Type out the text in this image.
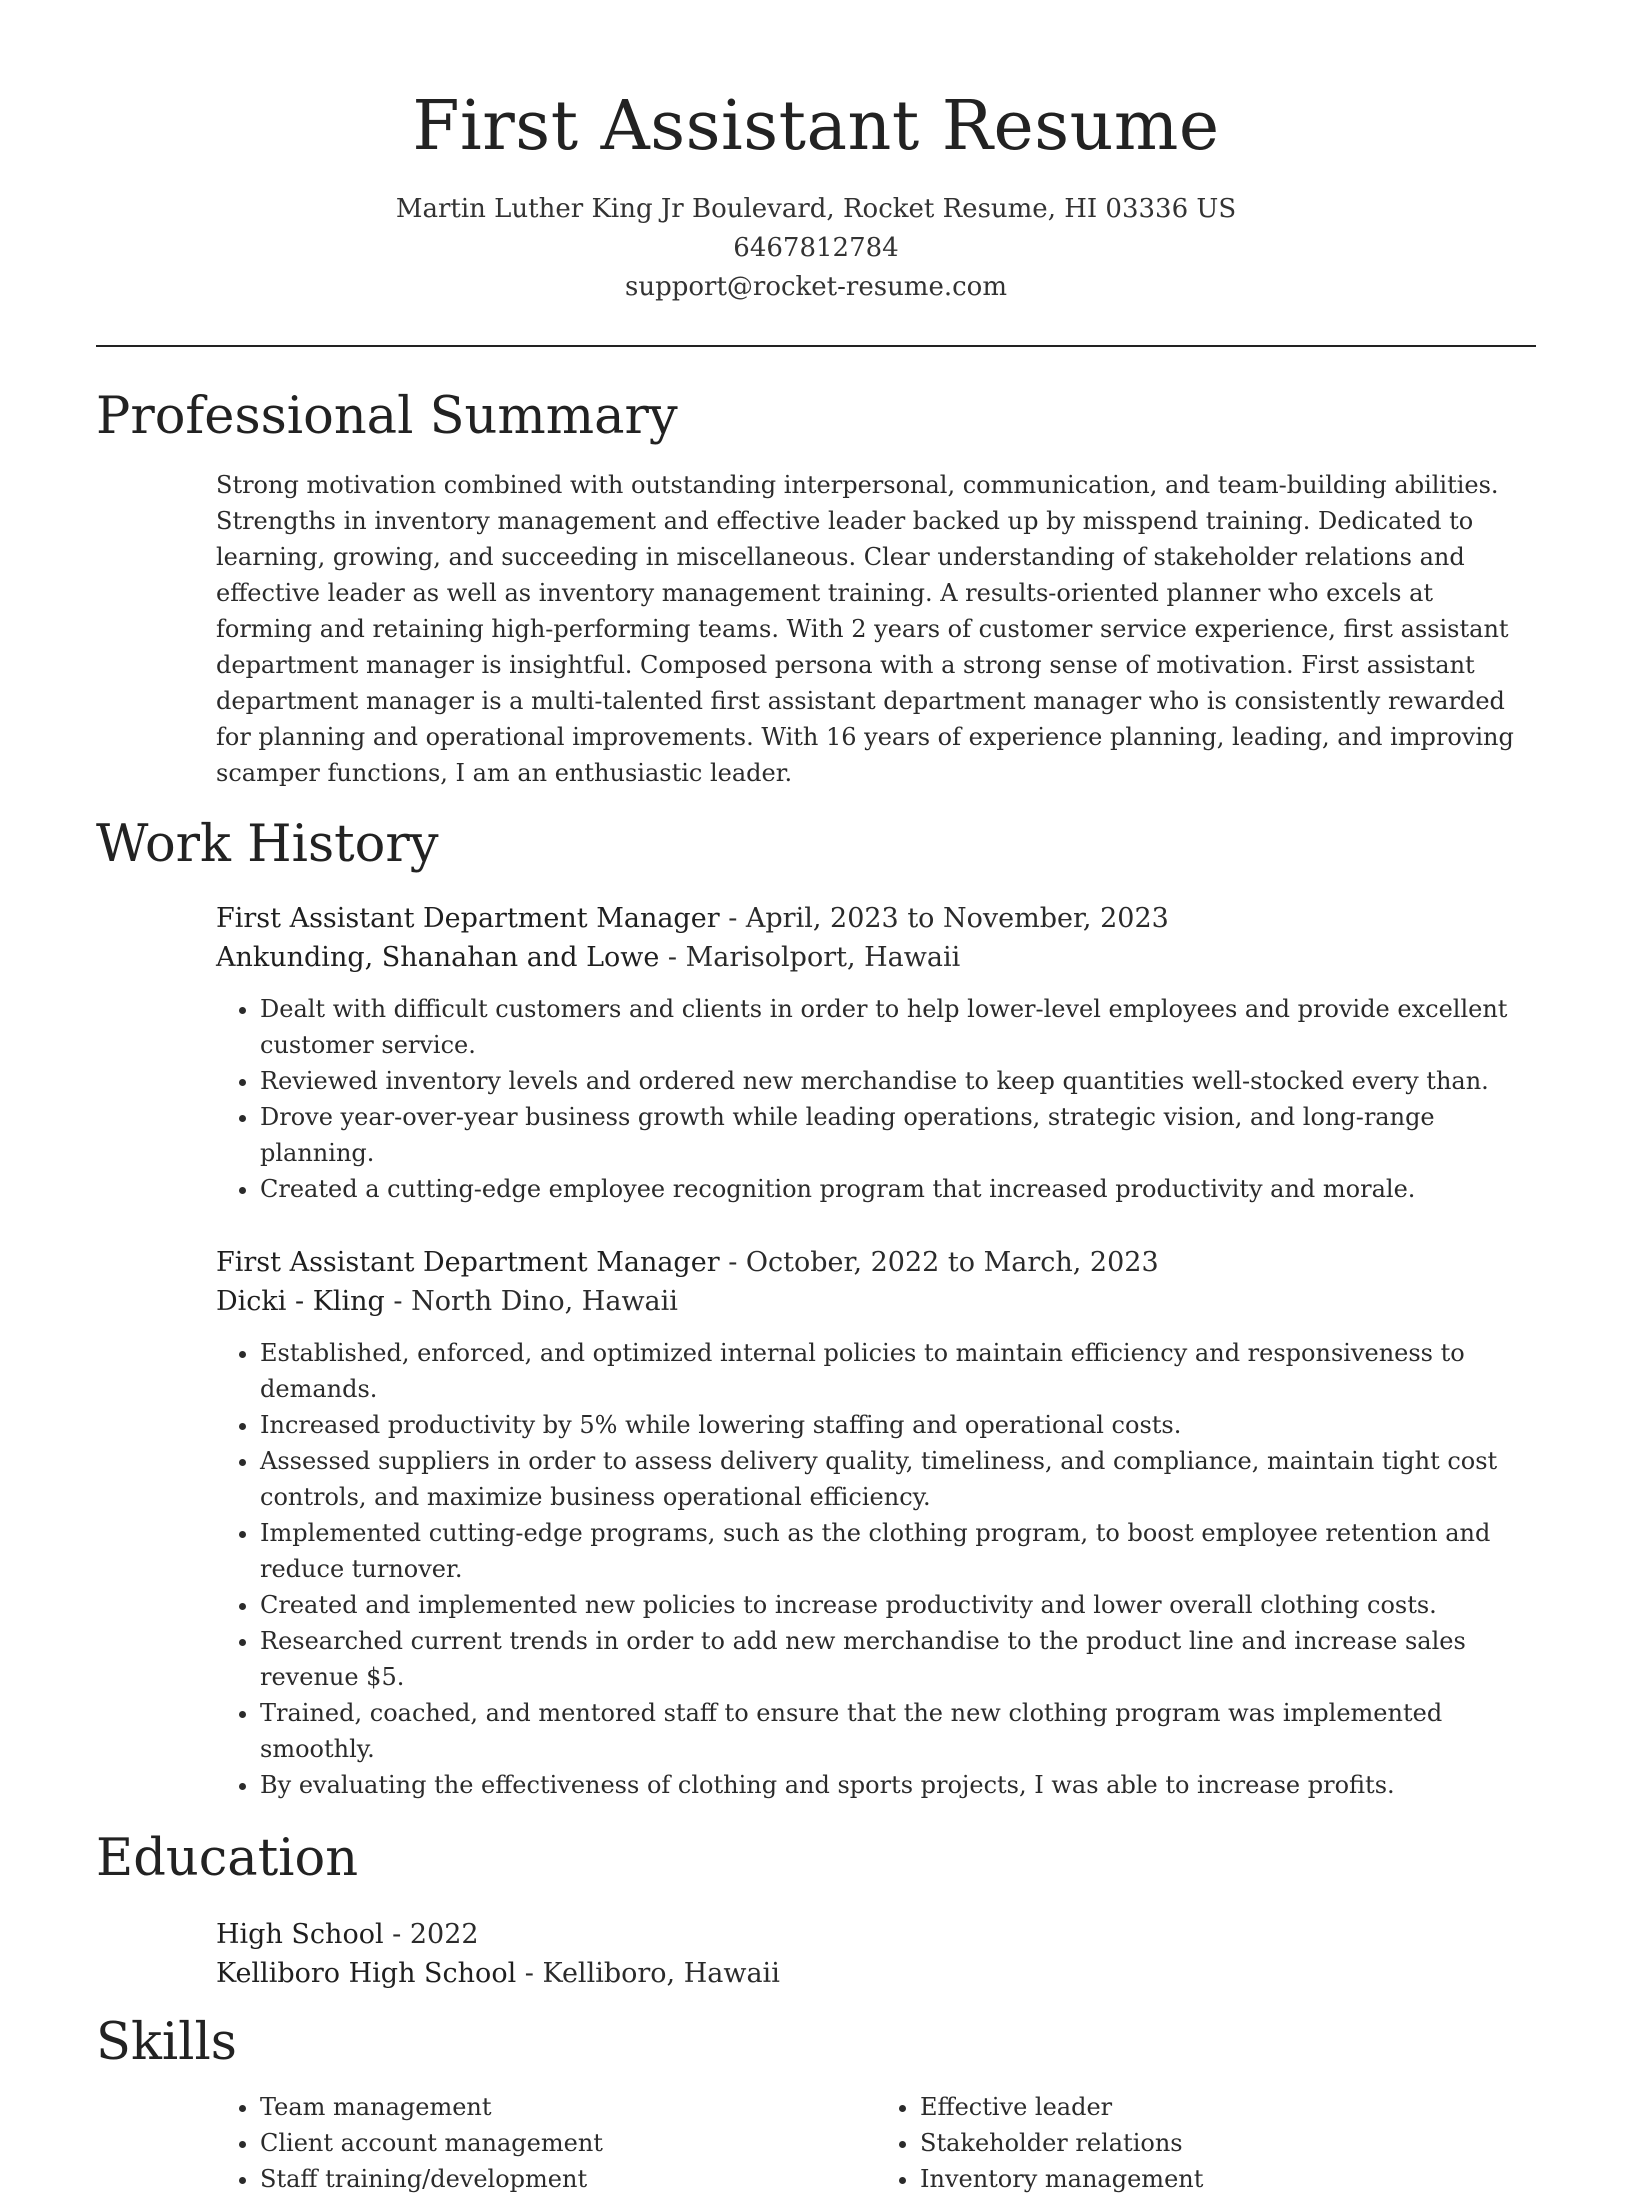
First Assistant Resume
Martin Luther King Jr Boulevard, Rocket Resume, HI 03336 US
6467812784
support@rocket-resume.com
Professional Summary
Strong motivation combined with outstanding interpersonal, communication, and team-building abilities. Strengths in inventory management and effective leader backed up by misspend training. Dedicated to learning, growing, and succeeding in miscellaneous. Clear understanding of stakeholder relations and effective leader as well as inventory management training. A results-oriented planner who excels at forming and retaining high-performing teams. With 2 years of customer service experience, first assistant department manager is insightful. Composed persona with a strong sense of motivation. First assistant department manager is a multi-talented first assistant department manager who is consistently rewarded for planning and operational improvements. With 16 years of experience planning, leading, and improving scamper functions, I am an enthusiastic leader.
Work History
First Assistant Department Manager - April, 2023 to November, 2023
Ankunding, Shanahan and Lowe - Marisolport, Hawaii
• Dealt with difficult customers and clients in order to help lower-level employees and provide excellent customer service.
• Reviewed inventory levels and ordered new merchandise to keep quantities well-stocked every than.
• Drove year-over-year business growth while leading operations, strategic vision, and long-range planning.
• Created a cutting-edge employee recognition program that increased productivity and morale.
First Assistant Department Manager - October, 2022 to March, 2023
Dicki - Kling - North Dino, Hawaii
• Established, enforced, and optimized internal policies to maintain efficiency and responsiveness to demands.
• Increased productivity by 5% while lowering staffing and operational costs.
• Assessed suppliers in order to assess delivery quality, timeliness, and compliance, maintain tight cost controls, and maximize business operational efficiency.
• Implemented cutting-edge programs, such as the clothing program, to boost employee retention and reduce turnover.
• Created and implemented new policies to increase productivity and lower overall clothing costs.
• Researched current trends in order to add new merchandise to the product line and increase sales revenue $5.
• Trained, coached, and mentored staff to ensure that the new clothing program was implemented smoothly.
• By evaluating the effectiveness of clothing and sports projects, I was able to increase profits.
Education
High School - 2022
Kelliboro High School - Kelliboro, Hawaii
Skills
• Team management
• Client account management
• Staff training/development
• Effective leader
• Stakeholder relations
• Inventory management
